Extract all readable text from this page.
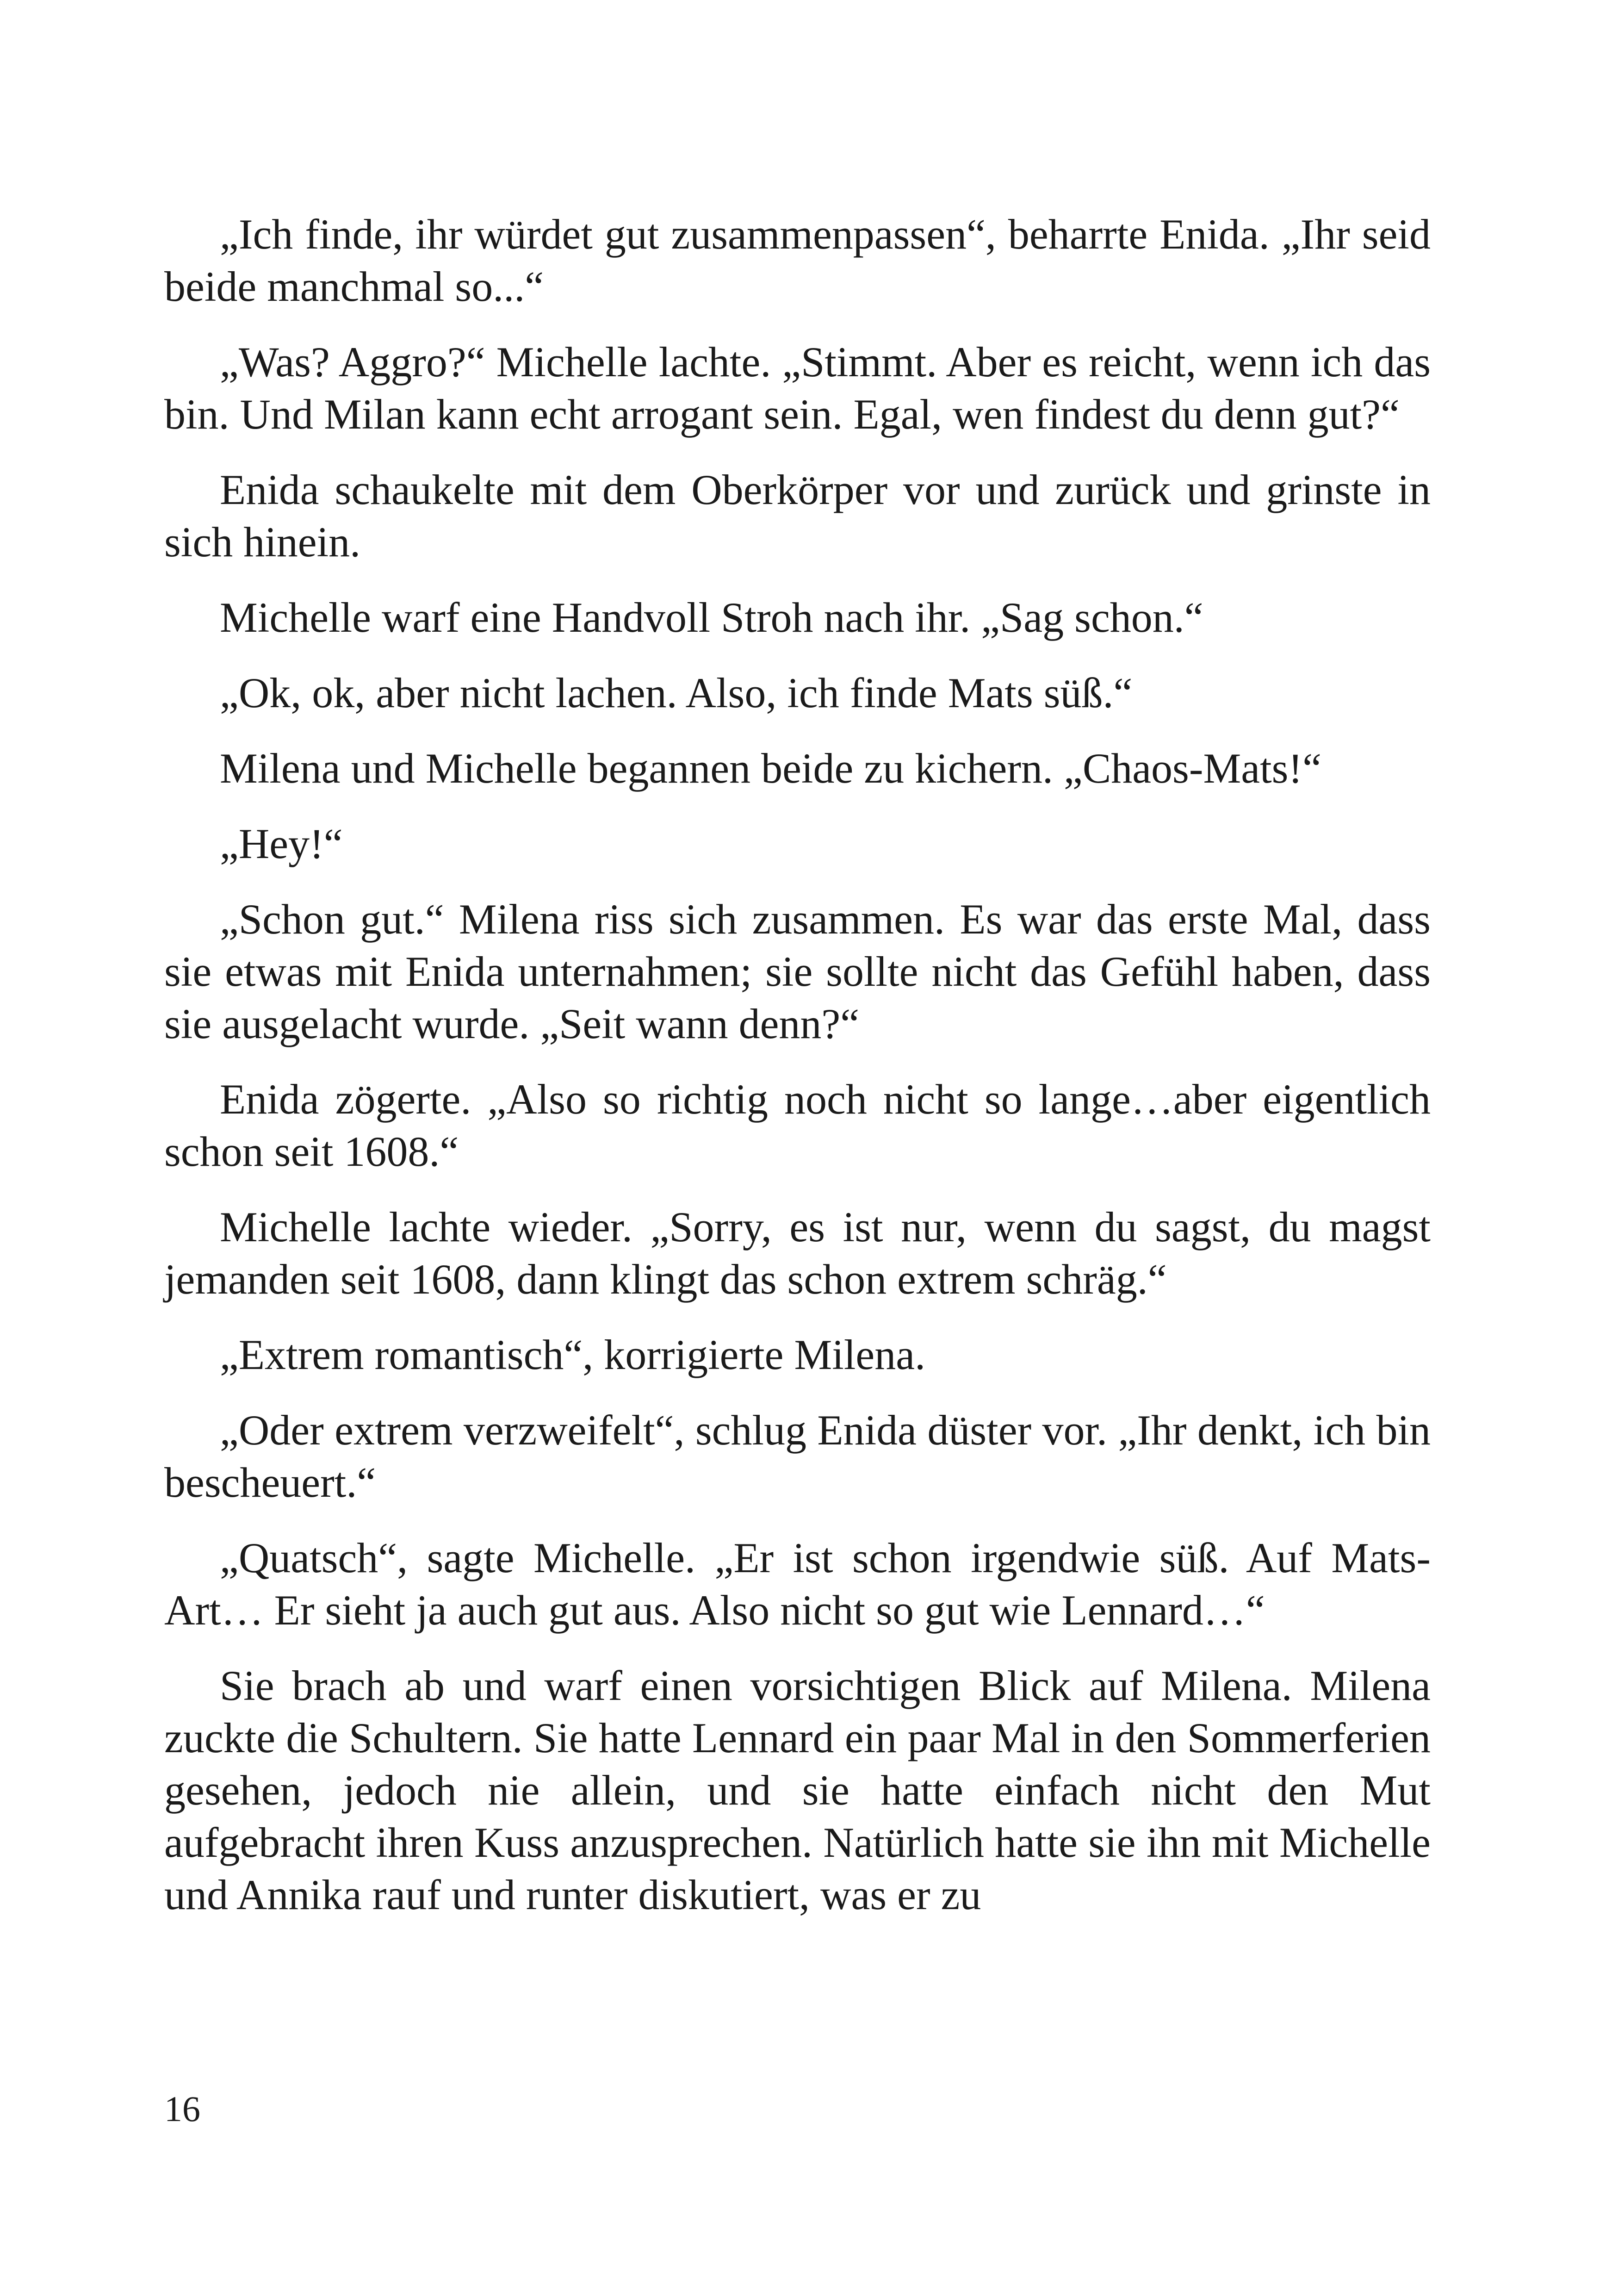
„Ich finde, ihr würdet gut zusammenpassen“, beharrte Enida. „Ihr seid beide manchmal so...“

„Was? Aggro?“ Michelle lachte. „Stimmt. Aber es reicht, wenn ich das bin. Und Milan kann echt arrogant sein. Egal, wen findest du denn gut?“

Enida schaukelte mit dem Oberkörper vor und zurück und grinste in sich hinein.

Michelle warf eine Handvoll Stroh nach ihr. „Sag schon.“

„Ok, ok, aber nicht lachen. Also, ich finde Mats süß.“

Milena und Michelle begannen beide zu kichern. „Chaos-Mats!“

„Hey!“

„Schon gut.“ Milena riss sich zusammen. Es war das erste Mal, dass sie etwas mit Enida unternahmen; sie sollte nicht das Gefühl haben, dass sie ausgelacht wurde. „Seit wann denn?“

Enida zögerte. „Also so richtig noch nicht so lange…aber eigentlich schon seit 1608.“

Michelle lachte wieder. „Sorry, es ist nur, wenn du sagst, du magst jemanden seit 1608, dann klingt das schon extrem schräg.“

„Extrem romantisch“, korrigierte Milena.

„Oder extrem verzweifelt“, schlug Enida düster vor. „Ihr denkt, ich bin bescheuert.“

„Quatsch“, sagte Michelle. „Er ist schon irgendwie süß. Auf Mats-Art… Er sieht ja auch gut aus. Also nicht so gut wie Lennard…“

Sie brach ab und warf einen vorsichtigen Blick auf Milena. Milena zuckte die Schultern. Sie hatte Lennard ein paar Mal in den Sommerferien gesehen, jedoch nie allein, und sie hatte einfach nicht den Mut aufgebracht ihren Kuss anzusprechen. Natürlich hatte sie ihn mit Michelle und Annika rauf und runter diskutiert, was er zu

16
